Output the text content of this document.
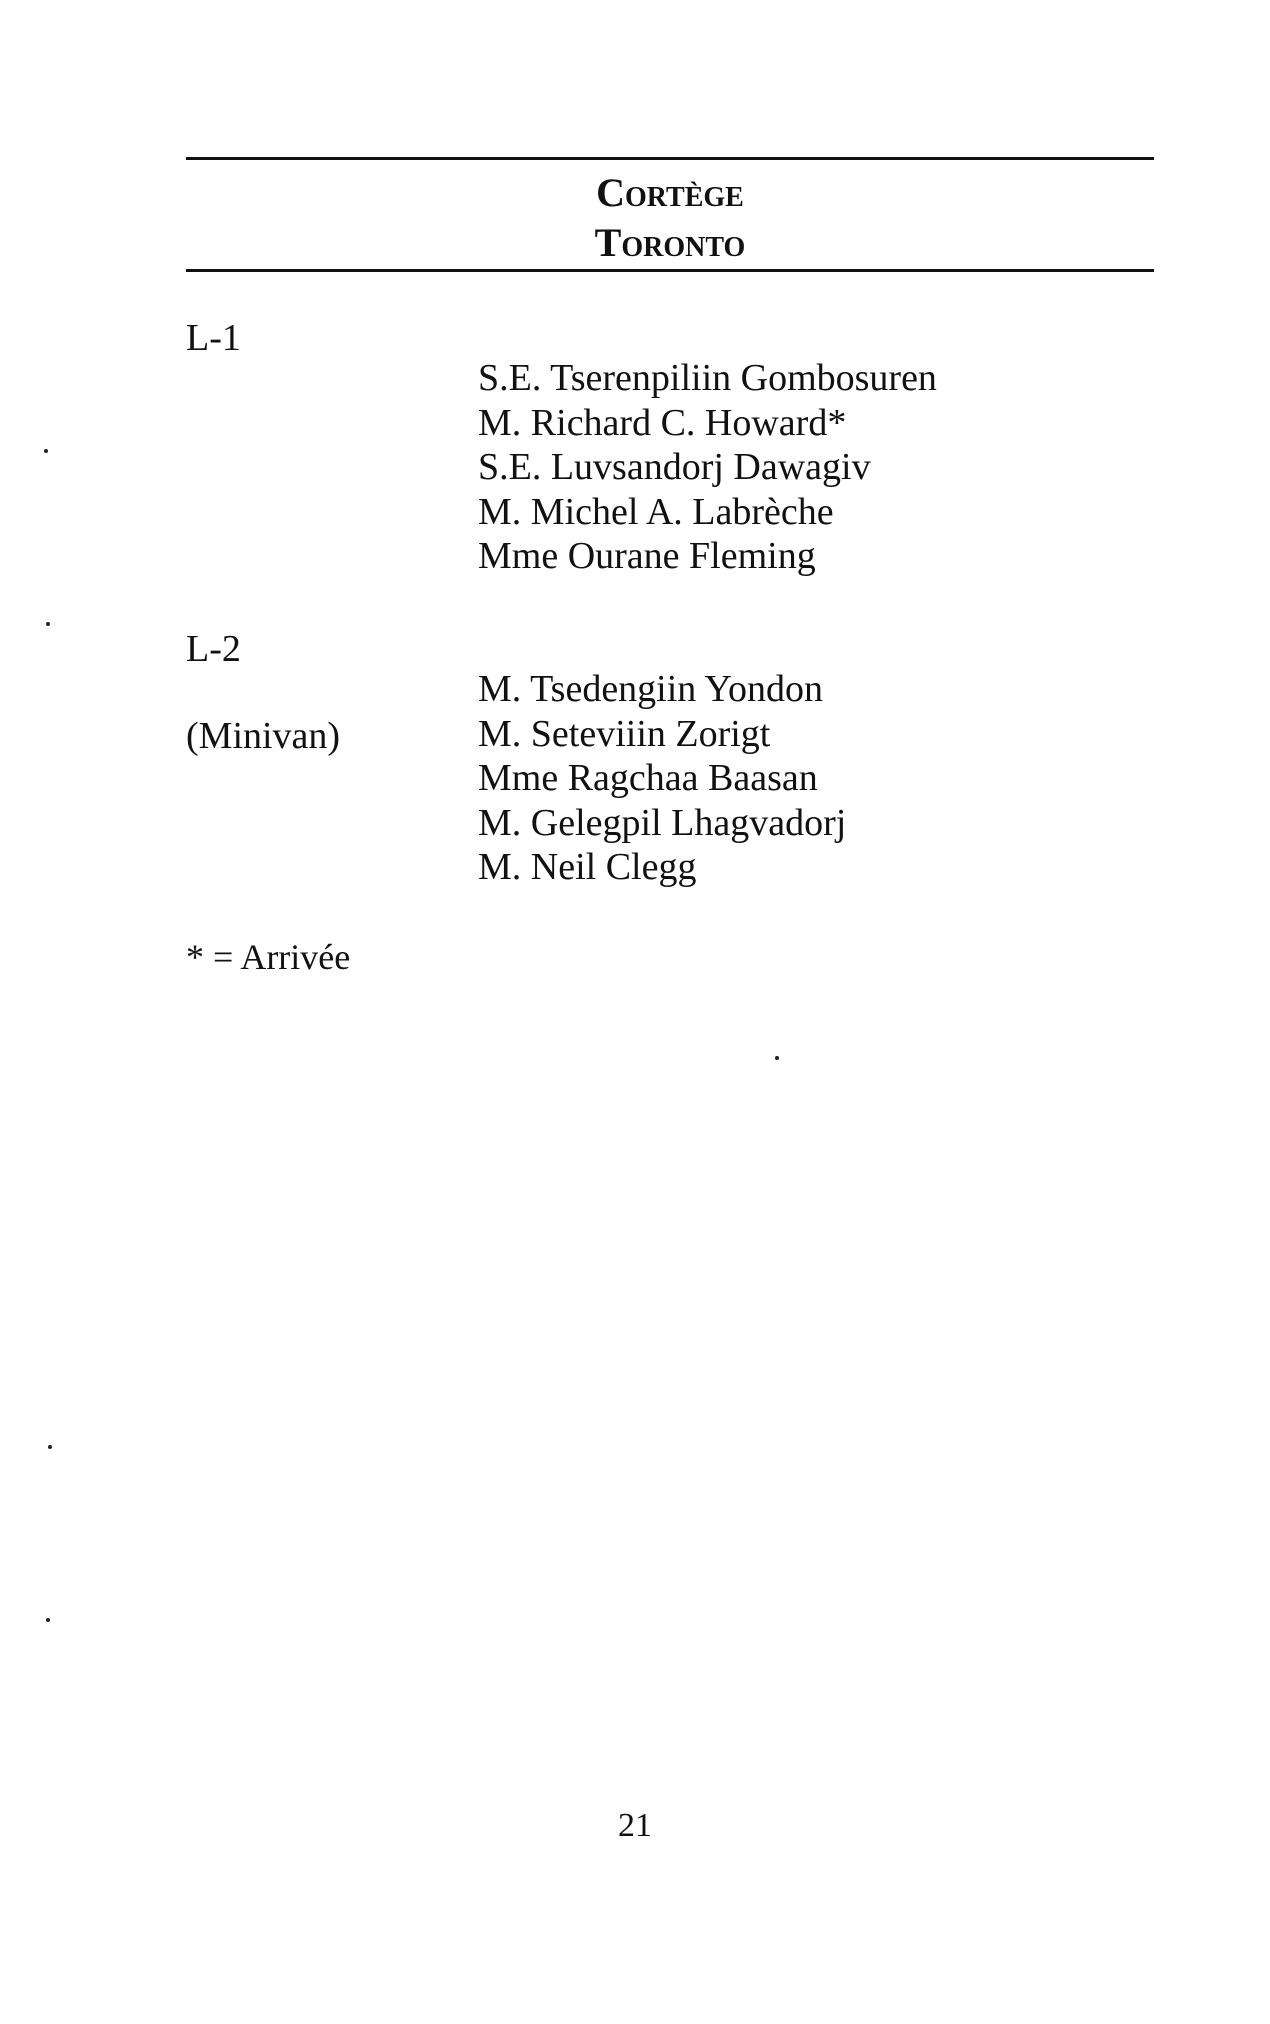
Cortège
Toronto
L-1
S.E. Tserenpiliin Gombosuren
M. Richard C. Howard*
S.E. Luvsandorj Dawagiv
M. Michel A. Labrèche
Mme Ourane Fleming
L-2
(Minivan)
M. Tsedengiin Yondon
M. Seteviiin Zorigt
Mme Ragchaa Baasan
M. Gelegpil Lhagvadorj
M. Neil Clegg
* = Arrivée
21
